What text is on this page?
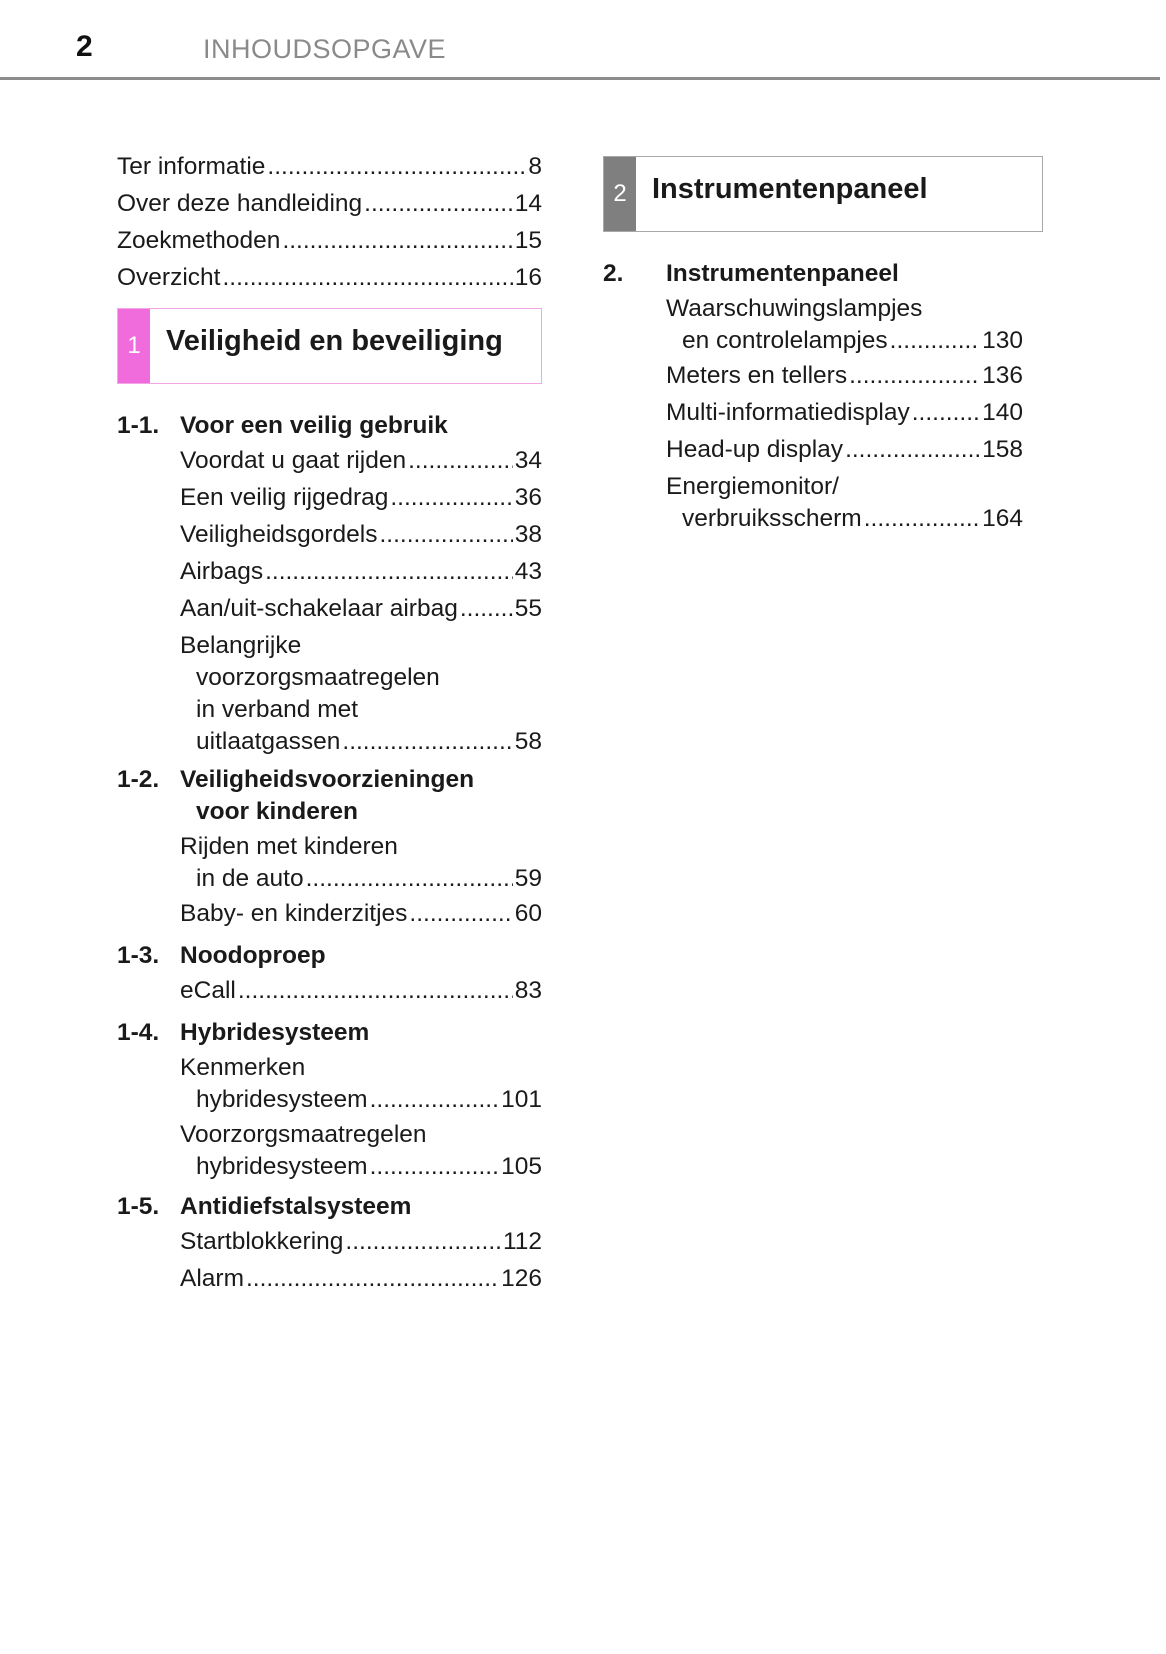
2	INHOUDSOPGAVE
Ter informatie .....	8
Over deze handleiding .....	14
Zoekmethoden .....	15
Overzicht .....	16
1 Veiligheid en beveiliging
1-1. Voor een veilig gebruik
Voordat u gaat rijden .....	34
Een veilig rijgedrag .....	36
Veiligheidsgordels .....	38
Airbags .....	43
Aan/uit-schakelaar airbag ..... 55
Belangrijke
voorzorgsmaatregelen
in verband met
uitlaatgassen .....	58
1-2. Veiligheidsvoorzieningen
voor kinderen
Rijden met kinderen
in de auto .....	59
Baby- en kinderzitjes .....	60
1-3. Noodoproep
eCall .....	83
1-4. Hybridesysteem
Kenmerken
hybridesysteem .....	101
Voorzorgsmaatregelen
hybridesysteem .....	105
1-5. Antidiefstalsysteem
Startblokkering .....	112
Alarm .....	126
2 Instrumentenpaneel
2.	Instrumentenpaneel
Waarschuwingslampjes
en controlelampjes .....	130
Meters en tellers .....	136
Multi-informatiedisplay .....	140
Head-up display .....	158
Energiemonitor/
verbruiksscherm .....	164
